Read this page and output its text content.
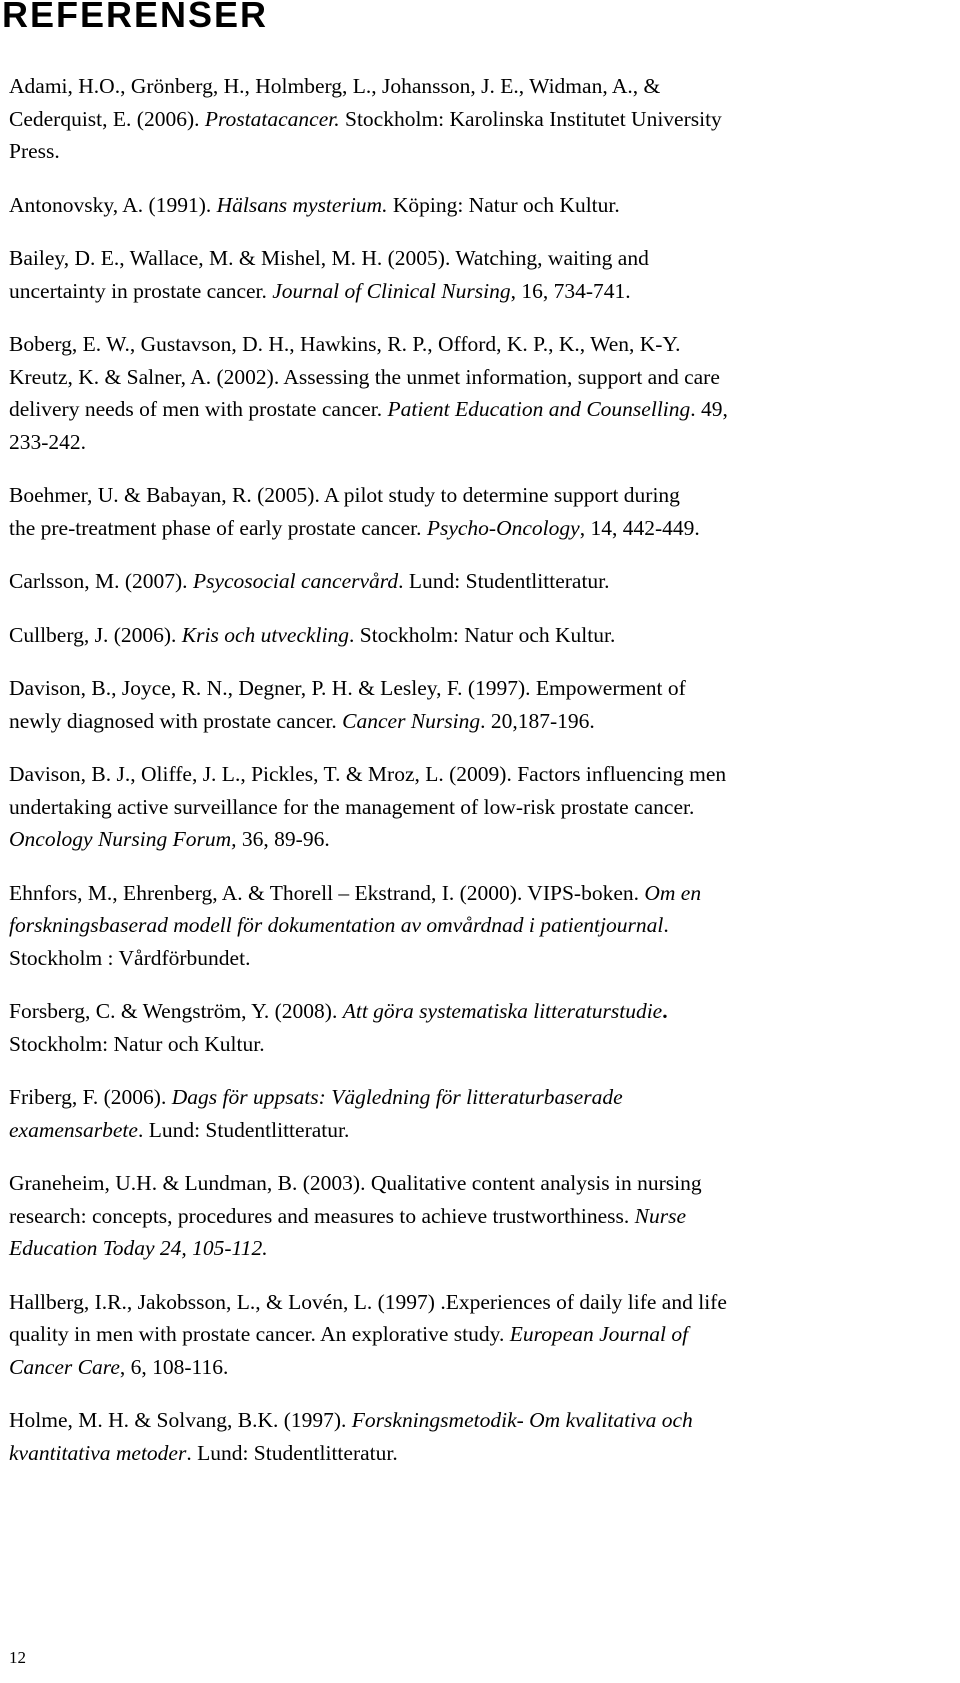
REFERENSER

Adami, H.O., Grönberg, H., Holmberg, L., Johansson, J. E., Widman, A., &
Cederquist, E. (2006). Prostatacancer. Stockholm: Karolinska Institutet University
Press.

Antonovsky, A. (1991). Hälsans mysterium. Köping: Natur och Kultur.

Bailey, D. E., Wallace, M. & Mishel, M. H. (2005). Watching, waiting and
uncertainty in prostate cancer. Journal of Clinical Nursing, 16, 734-741.

Boberg, E. W., Gustavson, D. H., Hawkins, R. P., Offord, K. P., K., Wen, K-Y.

Kreutz, K. & Salner, A. (2002). Assessing the unmet information, support and care
delivery needs of men with prostate cancer. Patient Education and Counselling. 49,
233-242.

Boehmer, U. & Babayan, R. (2005). A pilot study to determine support during
the pre-treatment phase of early prostate cancer. Psycho-Oncology, 14, 442-449.

Carlsson, M. (2007). Psycosocial cancervård. Lund: Studentlitteratur.

Cullberg, J. (2006). Kris och utveckling. Stockholm: Natur och Kultur.

Davison, B., Joyce, R. N., Degner, P. H. & Lesley, F. (1997). Empowerment of
newly diagnosed with prostate cancer. Cancer Nursing. 20,187-196.

Davison, B. J., Oliffe, J. L., Pickles, T. & Mroz, L. (2009). Factors influencing men
undertaking active surveillance for the management of low-risk prostate cancer.
Oncology Nursing Forum, 36, 89-96.

Ehnfors, M., Ehrenberg, A. & Thorell – Ekstrand, I. (2000). VIPS-boken. Om en
forskningsbaserad modell för dokumentation av omvårdnad i patientjournal.
Stockholm : Vårdförbundet.

Forsberg, C. & Wengström, Y. (2008). Att göra systematiska litteraturstudie.
Stockholm: Natur och Kultur.

Friberg, F. (2006). Dags för uppsats: Vägledning för litteraturbaserade
examensarbete. Lund: Studentlitteratur.

Graneheim, U.H. & Lundman, B. (2003). Qualitative content analysis in nursing
research: concepts, procedures and measures to achieve trustworthiness. Nurse
Education Today 24, 105-112.

Hallberg, I.R., Jakobsson, L., & Lovén, L. (1997) .Experiences of daily life and life
quality in men with prostate cancer. An explorative study. European Journal of
Cancer Care, 6, 108-116.

Holme, M. H. & Solvang, B.K. (1997). Forskningsmetodik- Om kvalitativa och
kvantitativa metoder. Lund: Studentlitteratur.

12
